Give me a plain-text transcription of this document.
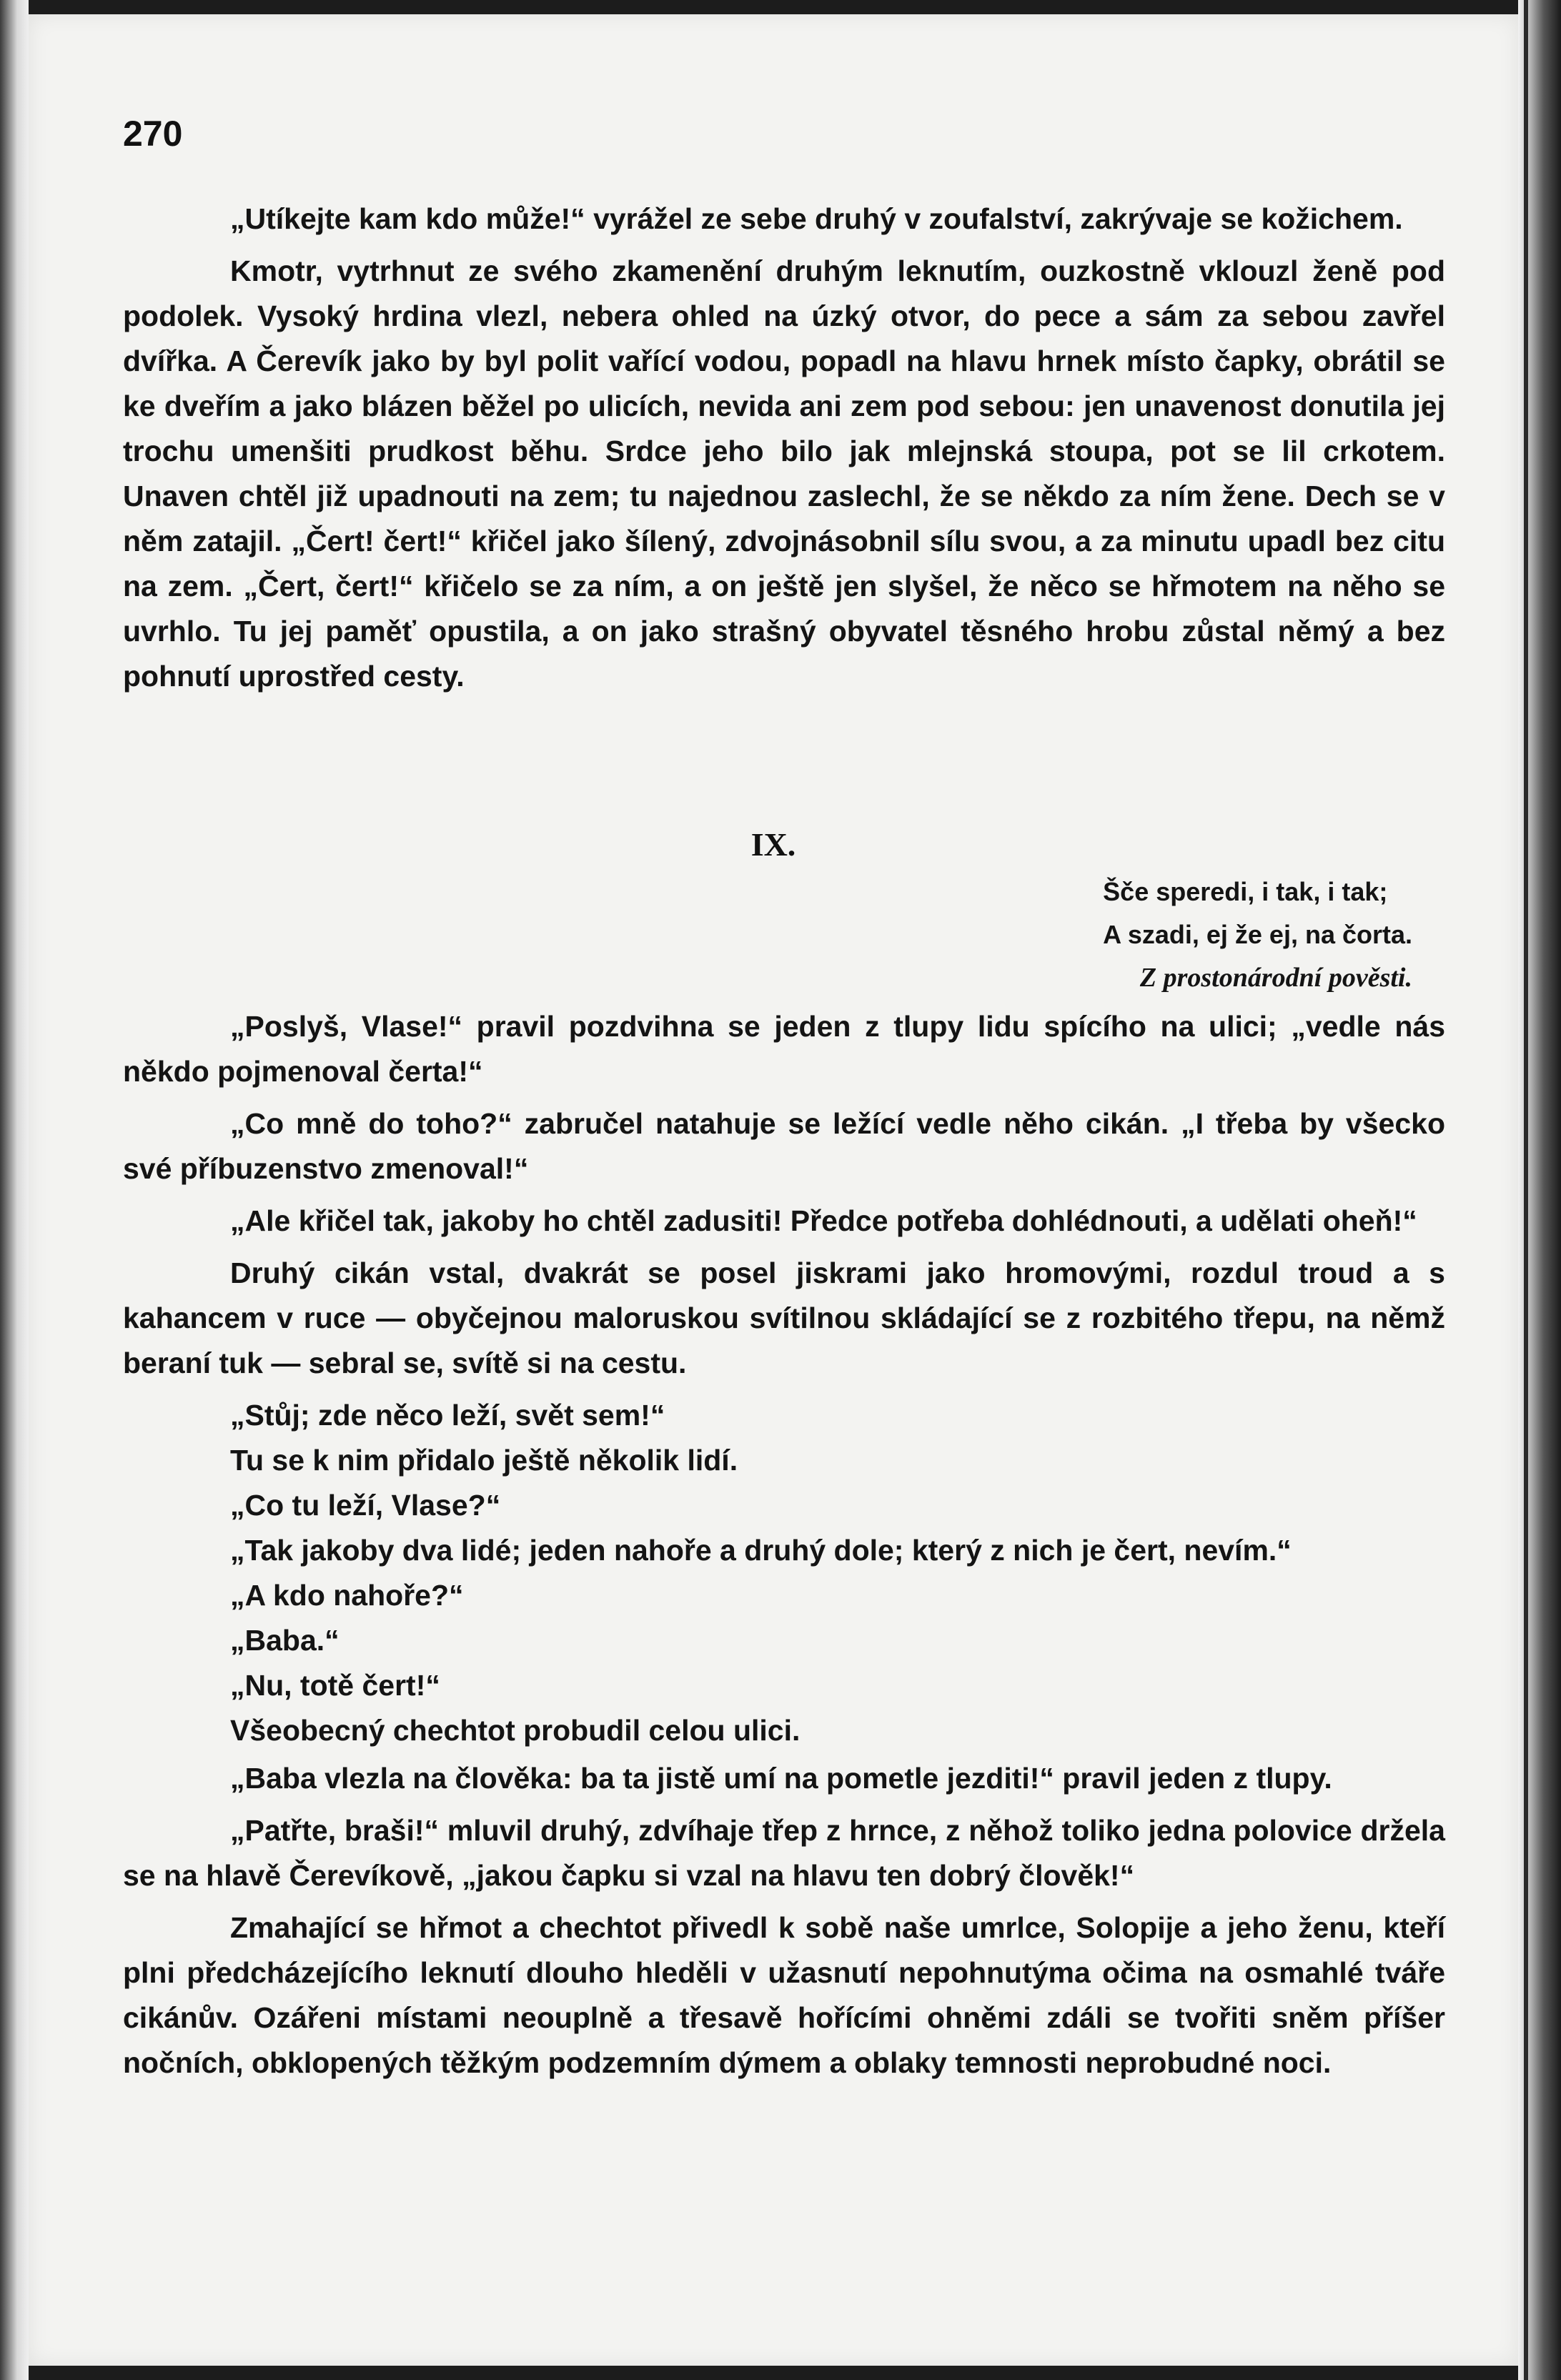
270

„Utíkejte kam kdo může!“ vyrážel ze sebe druhý v zoufalství, zakrývaje se kožichem.

Kmotr, vytrhnut ze svého zkamenění druhým leknutím, ouzkostně vklouzl ženě pod podolek. Vysoký hrdina vlezl, nebera ohled na úzký otvor, do pece a sám za sebou zavřel dvířka. A Čerevík jako by byl polit vařící vodou, popadl na hlavu hrnek místo čapky, obrátil se ke dveřím a jako blázen běžel po ulicích, nevida ani zem pod sebou: jen unavenost donutila jej trochu umenšiti prudkost běhu. Srdce jeho bilo jak mlejnská stoupa, pot se lil crkotem. Unaven chtěl již upadnouti na zem; tu najednou zaslechl, že se někdo za ním žene. Dech se v něm zatajil. „Čert! čert!“ křičel jako šílený, zdvojnásobnil sílu svou, a za minutu upadl bez citu na zem. „Čert, čert!“ křičelo se za ním, a on ještě jen slyšel, že něco se hřmotem na něho se uvrhlo. Tu jej paměť opustila, a on jako strašný obyvatel těsného hrobu zůstal němý a bez pohnutí uprostřed cesty.

IX.
Šče speredi, i tak, i tak;
A szadi, ej že ej, na čorta.
Z prostonárodní pověsti.

„Poslyš, Vlase!“ pravil pozdvihna se jeden z tlupy lidu spícího na ulici; „vedle nás někdo pojmenoval čerta!“

„Co mně do toho?“ zabručel natahuje se ležící vedle něho cikán. „I třeba by všecko své příbuzenstvo zmenoval!“

„Ale křičel tak, jakoby ho chtěl zadusiti! Předce potřeba dohlédnouti, a udělati oheň!“

Druhý cikán vstal, dvakrát se posel jiskrami jako hromovými, rozdul troud a s kahancem v ruce — obyčejnou maloruskou svítilnou skládající se z rozbitého třepu, na němž beraní tuk — sebral se, svítě si na cestu.

„Stůj; zde něco leží, svět sem!“

Tu se k nim přidalo ještě několik lidí.

„Co tu leží, Vlase?“

„Tak jakoby dva lidé; jeden nahoře a druhý dole; který z nich je čert, nevím.“

„A kdo nahoře?“

„Baba.“

„Nu, totě čert!“

Všeobecný chechtot probudil celou ulici.

„Baba vlezla na člověka: ba ta jistě umí na pometle jezditi!“ pravil jeden z tlupy.

„Patřte, braši!“ mluvil druhý, zdvíhaje třep z hrnce, z něhož toliko jedna polovice držela se na hlavě Čerevíkově, „jakou čapku si vzal na hlavu ten dobrý člověk!“

Zmahající se hřmot a chechtot přivedl k sobě naše umrlce, Solopije a jeho ženu, kteří plni předcházejícího leknutí dlouho hleděli v užasnutí nepohnutýma očima na osmahlé tváře cikánův. Ozářeni místami neouplně a třesavě hořícími ohněmi zdáli se tvořiti sněm příšer nočních, obklopených těžkým podzemním dýmem a oblaky temnosti neprobudné noci.
